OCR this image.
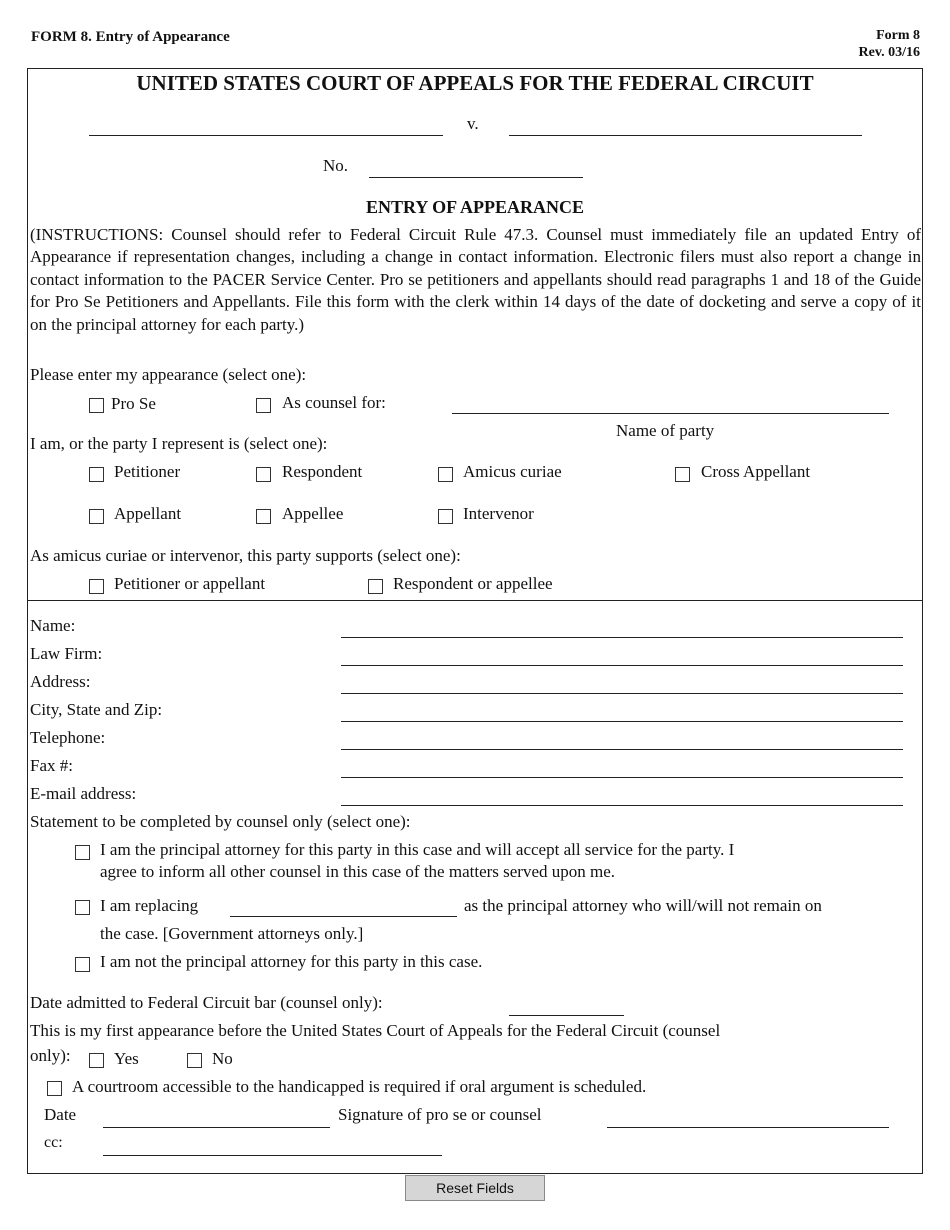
FORM 8. Entry of Appearance	Form 8
Rev. 03/16
UNITED STATES COURT OF APPEALS FOR THE FEDERAL CIRCUIT
v.
No.
ENTRY OF APPEARANCE
(INSTRUCTIONS: Counsel should refer to Federal Circuit Rule 47.3. Counsel must immediately file an updated Entry of Appearance if representation changes, including a change in contact information. Electronic filers must also report a change in contact information to the PACER Service Center. Pro se petitioners and appellants should read paragraphs 1 and 18 of the Guide for Pro Se Petitioners and Appellants. File this form with the clerk within 14 days of the date of docketing and serve a copy of it on the principal attorney for each party.)
Please enter my appearance (select one):
Pro Se	As counsel for:
Name of party
I am, or the party I represent is (select one):
Petitioner	Respondent	Amicus curiae	Cross Appellant
Appellant	Appellee	Intervenor
As amicus curiae or intervenor, this party supports (select one):
Petitioner or appellant	Respondent or appellee
Name:
Law Firm:
Address:
City, State and Zip:
Telephone:
Fax #:
E-mail address:
Statement to be completed by counsel only (select one):
I am the principal attorney for this party in this case and will accept all service for the party. I
agree to inform all other counsel in this case of the matters served upon me.
I am replacing	as the principal attorney who will/will not remain on
the case. [Government attorneys only.]
I am not the principal attorney for this party in this case.
Date admitted to Federal Circuit bar (counsel only):
This is my first appearance before the United States Court of Appeals for the Federal Circuit (counsel
only):	Yes	No
A courtroom accessible to the handicapped is required if oral argument is scheduled.
Date	Signature of pro se or counsel
cc:
Reset Fields
